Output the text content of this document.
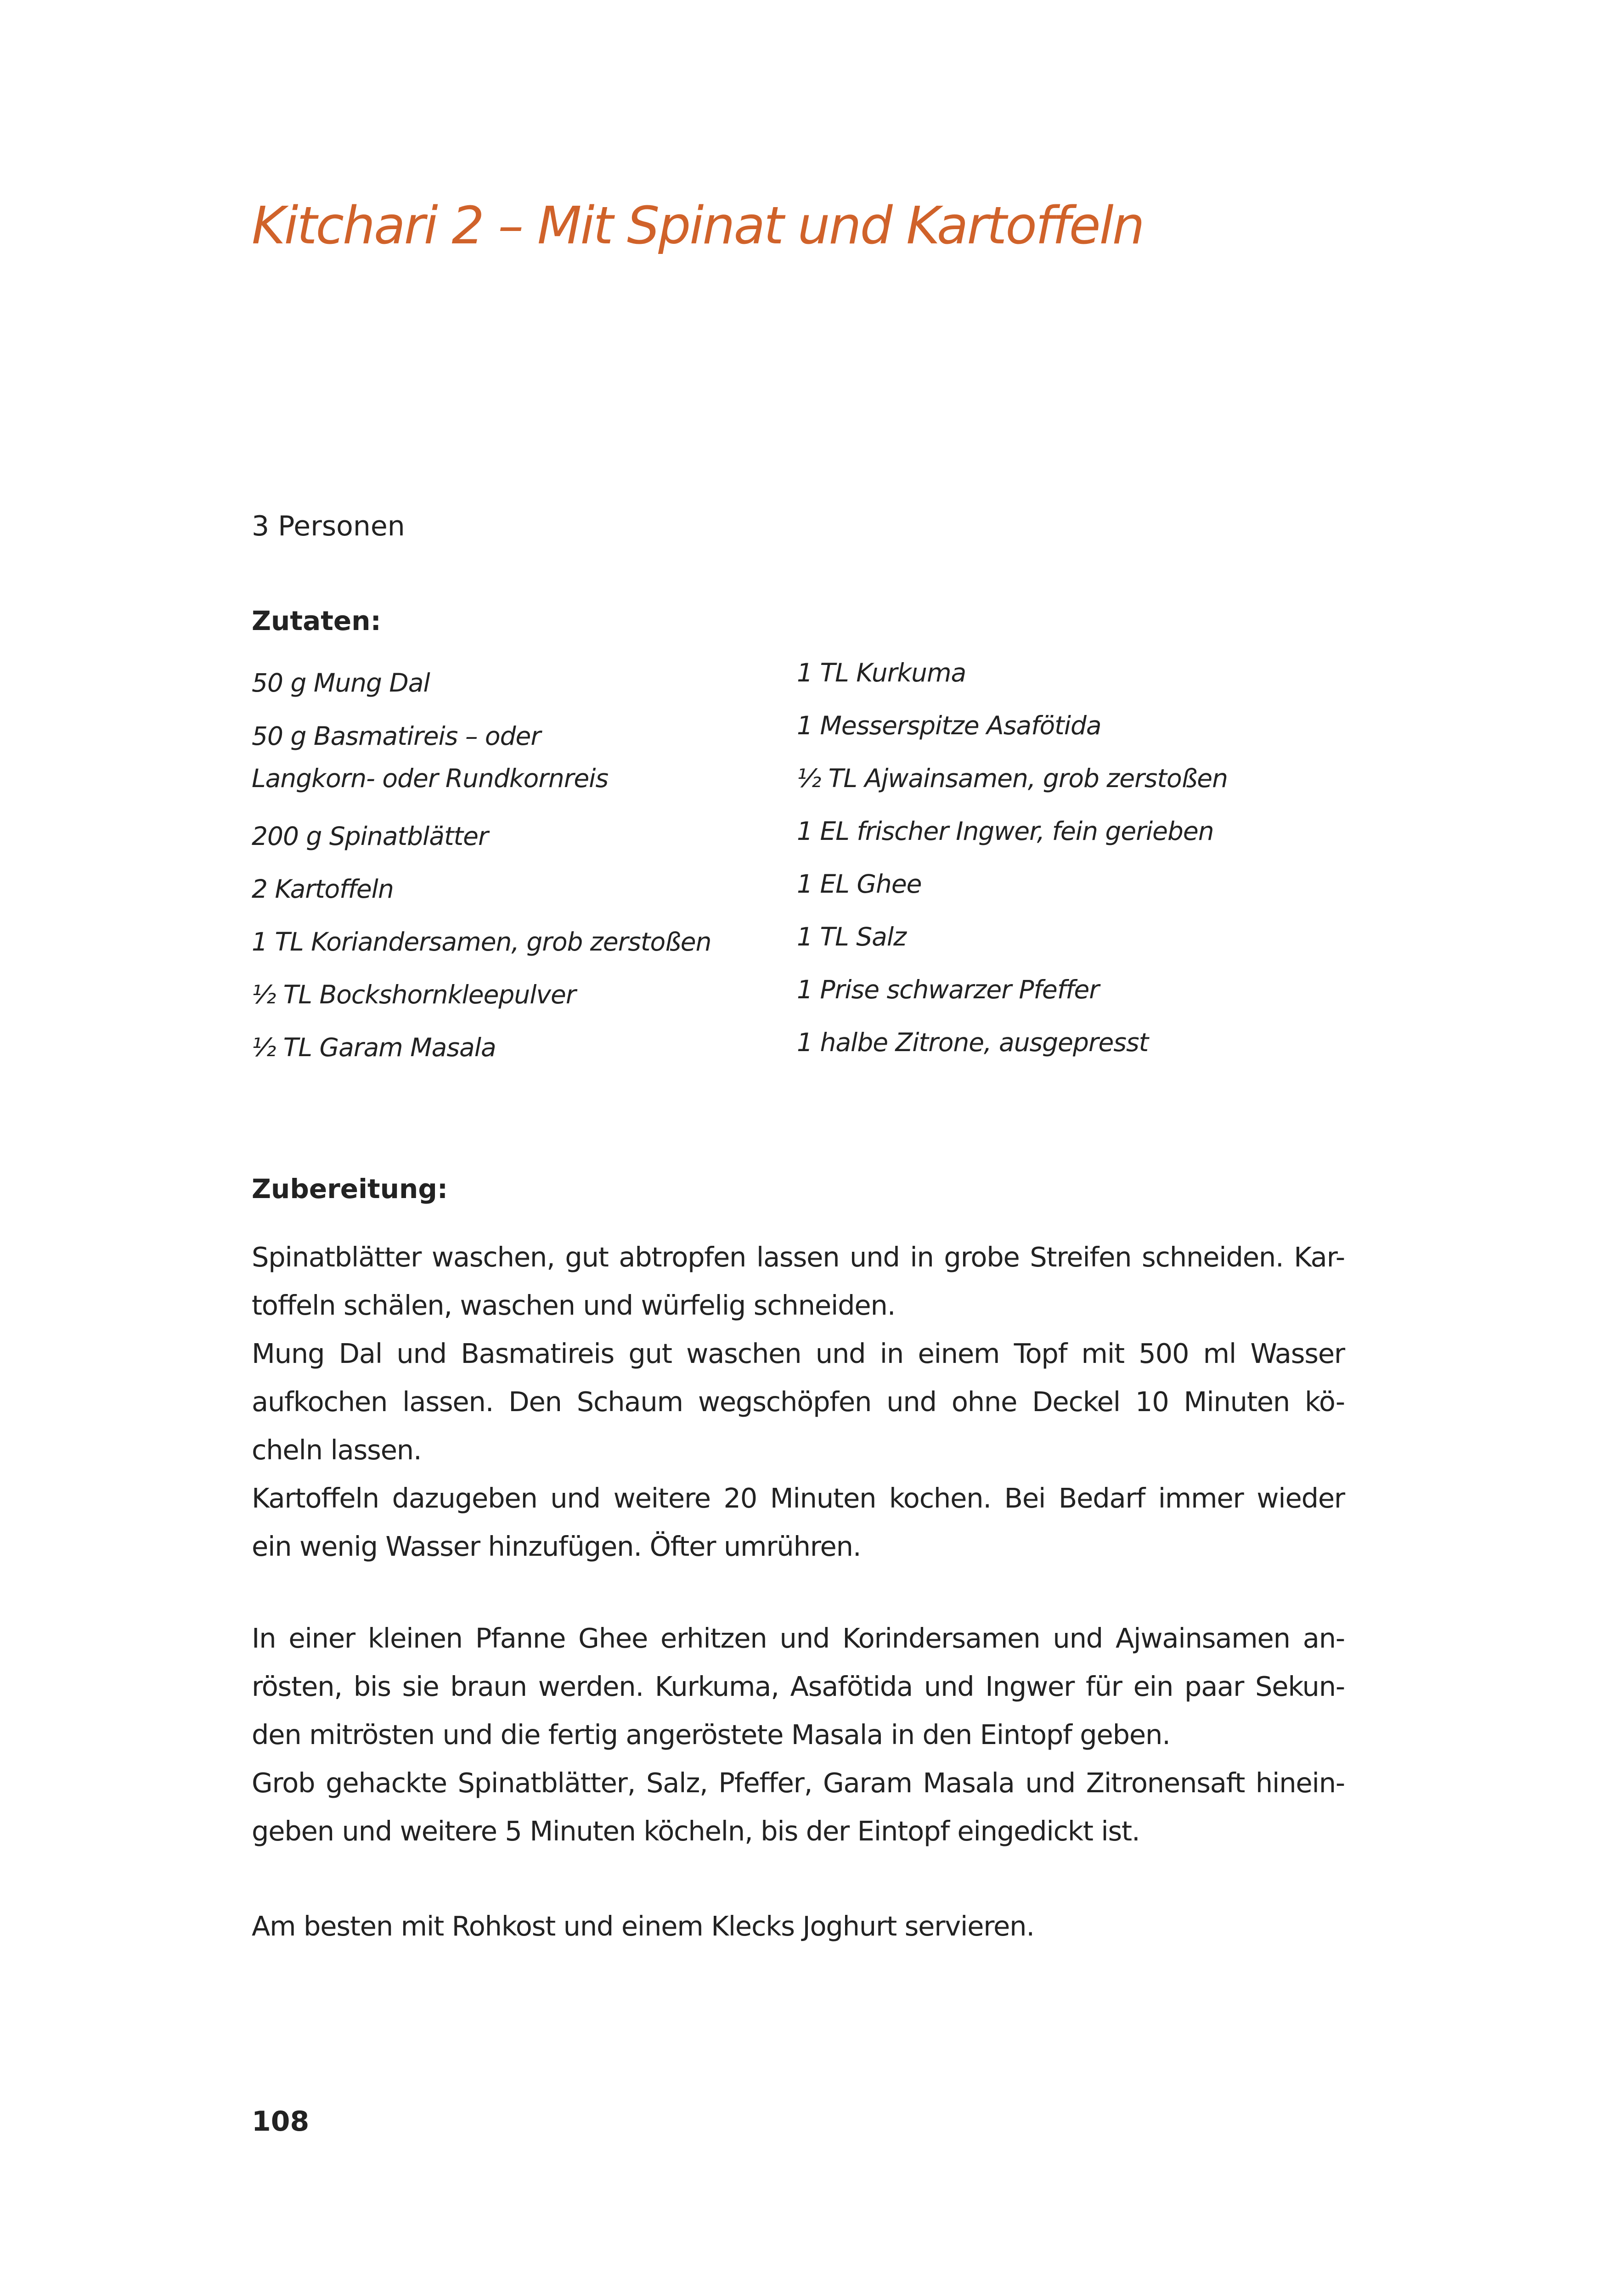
Kitchari 2 – Mit Spinat und Kartoffeln
3 Personen
Zutaten:
50 g Mung Dal
50 g Basmatireis – oder
Langkorn- oder Rundkornreis
200 g Spinatblätter
2 Kartoffeln
1 TL Koriandersamen, grob zerstoßen
½ TL Bockshornkleepulver
½ TL Garam Masala
1 TL Kurkuma
1 Messerspitze Asafötida
½ TL Ajwainsamen, grob zerstoßen
1 EL frischer Ingwer, fein gerieben
1 EL Ghee
1 TL Salz
1 Prise schwarzer Pfeffer
1 halbe Zitrone, ausgepresst
Zubereitung:
Spinatblätter waschen, gut abtropfen lassen und in grobe Streifen schneiden. Kar-
toffeln schälen, waschen und würfelig schneiden.
Mung Dal und Basmatireis gut waschen und in einem Topf mit 500 ml Wasser
aufkochen lassen. Den Schaum wegschöpfen und ohne Deckel 10 Minuten kö-
cheln lassen.
Kartoffeln dazugeben und weitere 20 Minuten kochen. Bei Bedarf immer wieder
ein wenig Wasser hinzufügen. Öfter umrühren.
In einer kleinen Pfanne Ghee erhitzen und Korindersamen und Ajwainsamen an-
rösten, bis sie braun werden. Kurkuma, Asafötida und Ingwer für ein paar Sekun-
den mitrösten und die fertig angeröstete Masala in den Eintopf geben.
Grob gehackte Spinatblätter, Salz, Pfeffer, Garam Masala und Zitronensaft hinein-
geben und weitere 5 Minuten köcheln, bis der Eintopf eingedickt ist.
Am besten mit Rohkost und einem Klecks Joghurt servieren.
108
